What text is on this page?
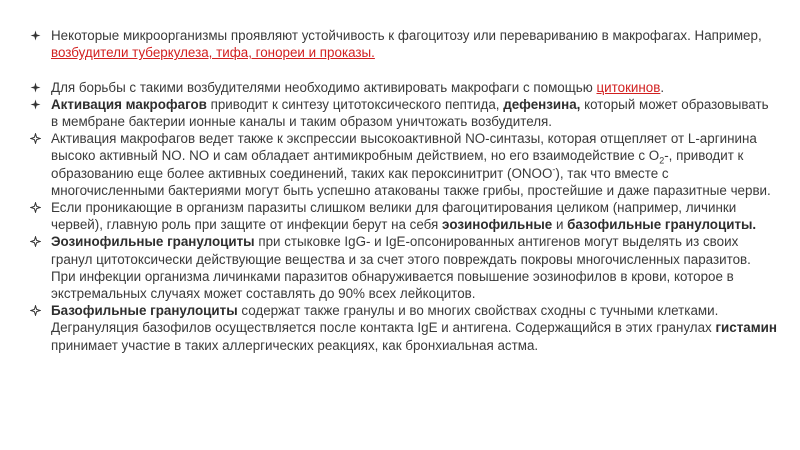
Некоторые микроорганизмы проявляют устойчивость к фагоцитозу или перевариванию в макрофагах. Например, возбудители туберкулеза, тифа, гонореи и проказы.
Для борьбы с такими возбудителями необходимо активировать макрофаги с помощью цитокинов.
Активация макрофагов приводит к синтезу цитотоксического пептида, дефензина, который может образовывать в мембране бактерии ионные каналы и таким образом уничтожать возбудителя.
Активация макрофагов ведет также к экспрессии высокоактивной NO-синтазы, которая отщепляет от L-аргинина высоко активный NO. NO и сам обладает антимикробным действием, но его взаимодействие с $O_2-$, приводит к образованию еще более активных соединений, таких как пероксинитрит (ONOO-), так что вместе с многочисленными бактериями могут быть успешно атакованы также грибы, простейшие и даже паразитные черви.
Если проникающие в организм паразиты слишком велики для фагоцитирования целиком (например, личинки червей), главную роль при защите от инфекции берут на себя эозинофильные и базофильные гранулоциты.
Эозинофильные гранулоциты при стыковке IgG- и IgE-опсонированных антигенов могут выделять из своих гранул цитотоксически действующие вещества и за счет этого повреждать покровы многочисленных паразитов. При инфекции организма личинками паразитов обнаруживается повышение эозинофилов в крови, которое в экстремальных случаях может составлять до 90% всех лейкоцитов.
Базофильные гранулоциты содержат также гранулы и во многих свойствах сходны с тучными клетками. Дегрануляция базофилов осуществляется после контакта IgE и антигена. Содержащийся в этих гранулах гистамин принимает участие в таких аллергических реакциях, как бронхиальная астма.
